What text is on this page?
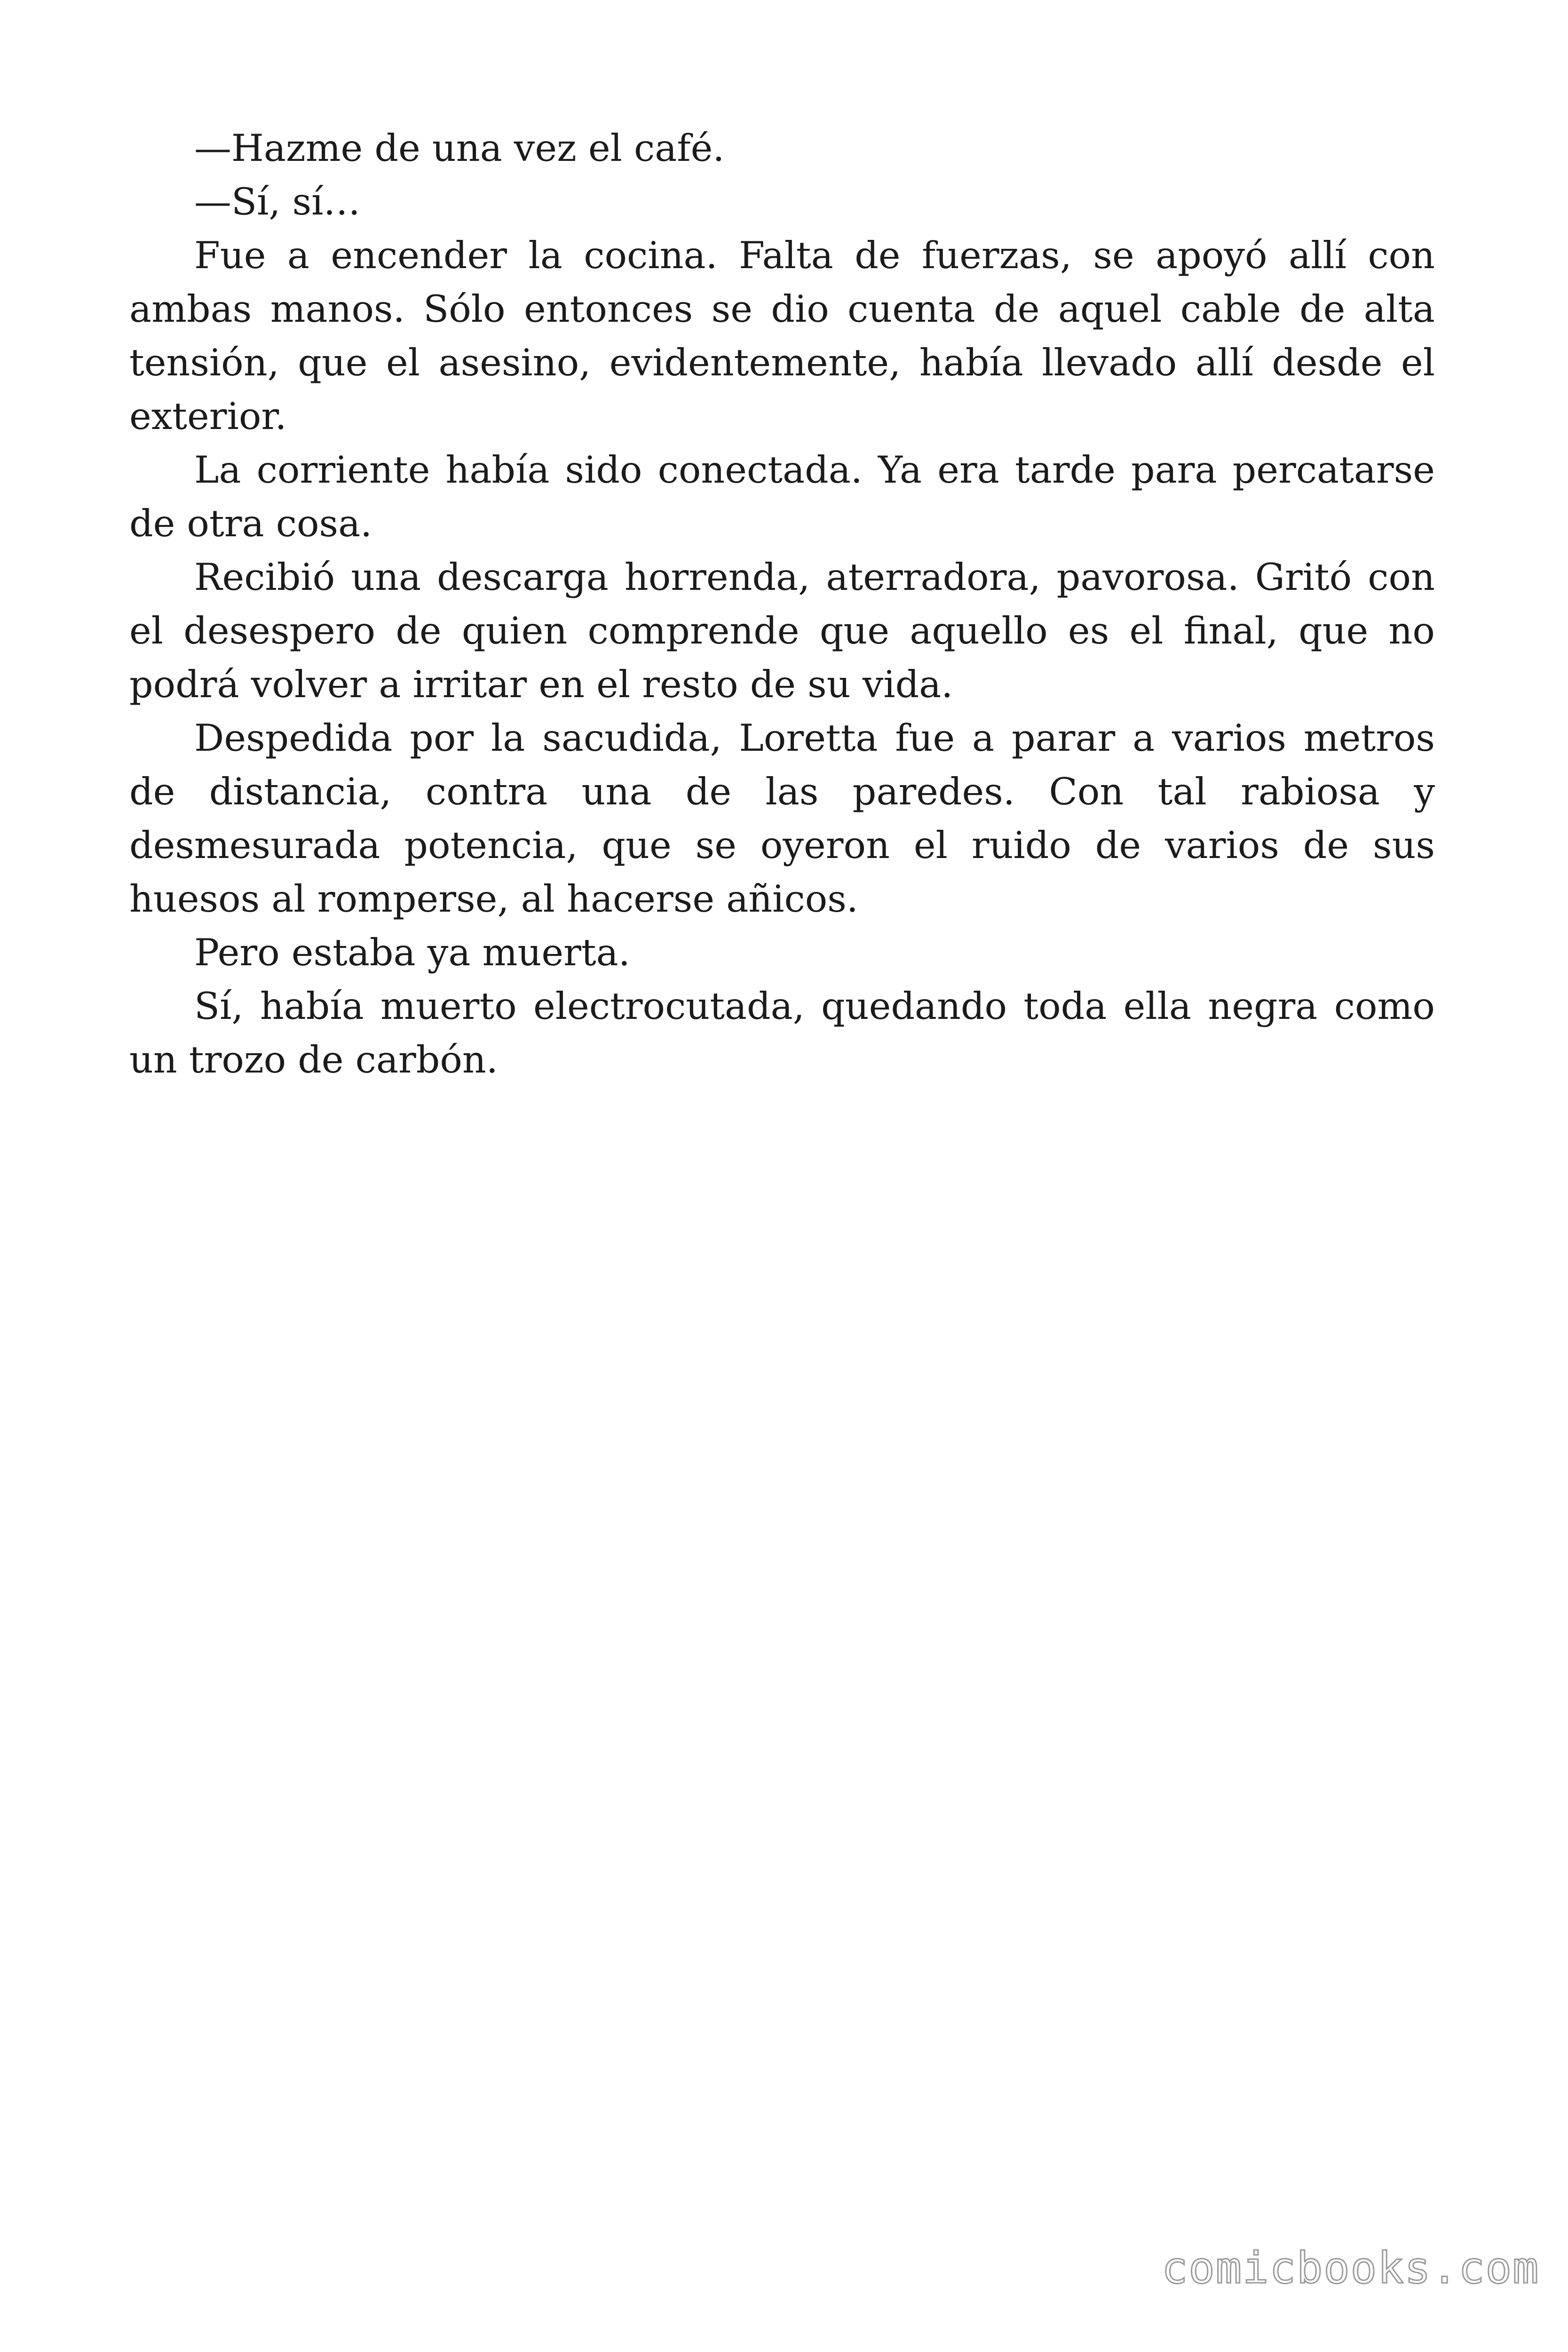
—Hazme de una vez el café.

—Sí, sí…

Fue a encender la cocina. Falta de fuerzas, se apoyó allí con ambas manos. Sólo entonces se dio cuenta de aquel cable de alta tensión, que el asesino, evidentemente, había llevado allí desde el exterior.

La corriente había sido conectada. Ya era tarde para percatarse de otra cosa.

Recibió una descarga horrenda, aterradora, pavorosa. Gritó con el desespero de quien comprende que aquello es el final, que no podrá volver a irritar en el resto de su vida.

Despedida por la sacudida, Loretta fue a parar a varios metros de distancia, contra una de las paredes. Con tal rabiosa y desmesurada potencia, que se oyeron el ruido de varios de sus huesos al romperse, al hacerse añicos.

Pero estaba ya muerta.

Sí, había muerto electrocutada, quedando toda ella negra como un trozo de carbón.

comicbooks.com
